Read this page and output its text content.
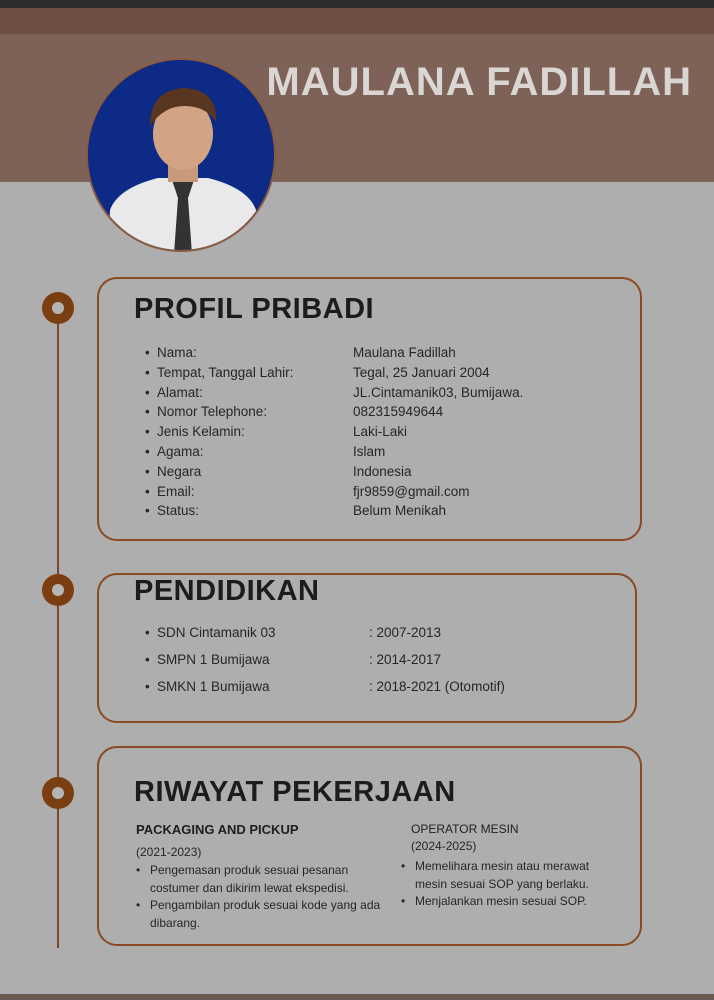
MAULANA FADILLAH
PROFIL PRIBADI
• Nama:	Maulana Fadillah
• Tempat, Tanggal Lahir:	Tegal, 25 Januari 2004
• Alamat:	JL.Cintamanik03, Bumijawa.
• Nomor Telephone:	082315949644
• Jenis Kelamin:	Laki-Laki
• Agama:	Islam
• Negara	Indonesia
• Email:	fjr9859@gmail.com
• Status:	Belum Menikah
PENDIDIKAN
• SDN Cintamanik 03	: 2007-2013
• SMPN 1 Bumijawa	: 2014-2017
• SMKN 1 Bumijawa	: 2018-2021 (Otomotif)
RIWAYAT PEKERJAAN
PACKAGING AND PICKUP
(2021-2023)
• Pengemasan produk sesuai pesanan costumer dan dikirim lewat ekspedisi.
• Pengambilan produk sesuai kode yang ada dibarang.
OPERATOR MESIN
(2024-2025)
• Memelihara mesin atau merawat mesin sesuai SOP yang berlaku.
• Menjalankan mesin sesuai SOP.
